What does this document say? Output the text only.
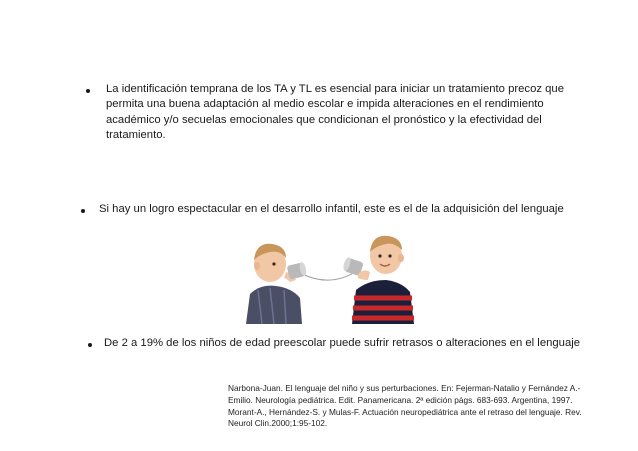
La identificación temprana de los TA y TL es esencial para iniciar un tratamiento precoz que
permita una buena adaptación al medio escolar e impida alteraciones en el rendimiento
académico y/o secuelas emocionales que condicionan el pronóstico y la efectividad del
tratamiento.
Si hay un logro espectacular en el desarrollo infantil, este es el de la adquisición del lenguaje
De 2 a 19% de los niños de edad preescolar puede sufrir retrasos o alteraciones en el lenguaje
Narbona-Juan. El lenguaje del niño y sus perturbaciones. En: Fejerman-Natalio y Fernández A.-
Emilio. Neurología pediátrica. Edit. Panamericana. 2ª edición págs. 683-693. Argentina, 1997.
Morant-A., Hernández-S. y Mulas-F. Actuación neuropediátrica ante el retraso del lenguaje. Rev.
Neurol Clin.2000;1:95-102.
